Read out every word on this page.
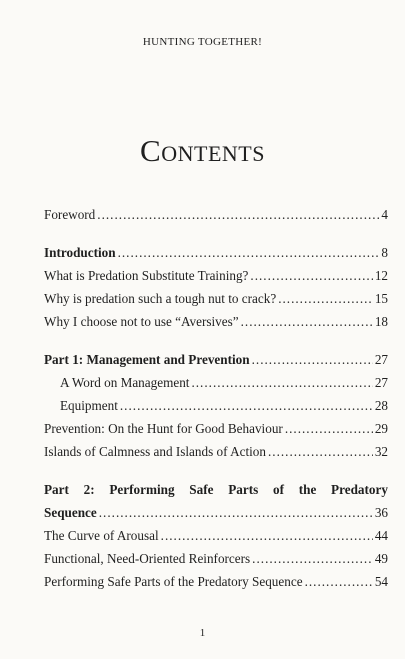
HUNTING TOGETHER!
Contents
Foreword .....	4
Introduction .....	8
What is Predation Substitute Training? .....	12
Why is predation such a tough nut to crack? .....	15
Why I choose not to use “Aversives” .....	18
Part 1: Management and Prevention .....	27
A Word on Management .....	27
Equipment .....	28
Prevention: On the Hunt for Good Behaviour .....	29
Islands of Calmness and Islands of Action .....	32
Part 2: Performing Safe Parts of the Predatory
Sequence .....	36
The Curve of Arousal .....	44
Functional, Need-Oriented Reinforcers .....	49
Performing Safe Parts of the Predatory Sequence .....	54
1
